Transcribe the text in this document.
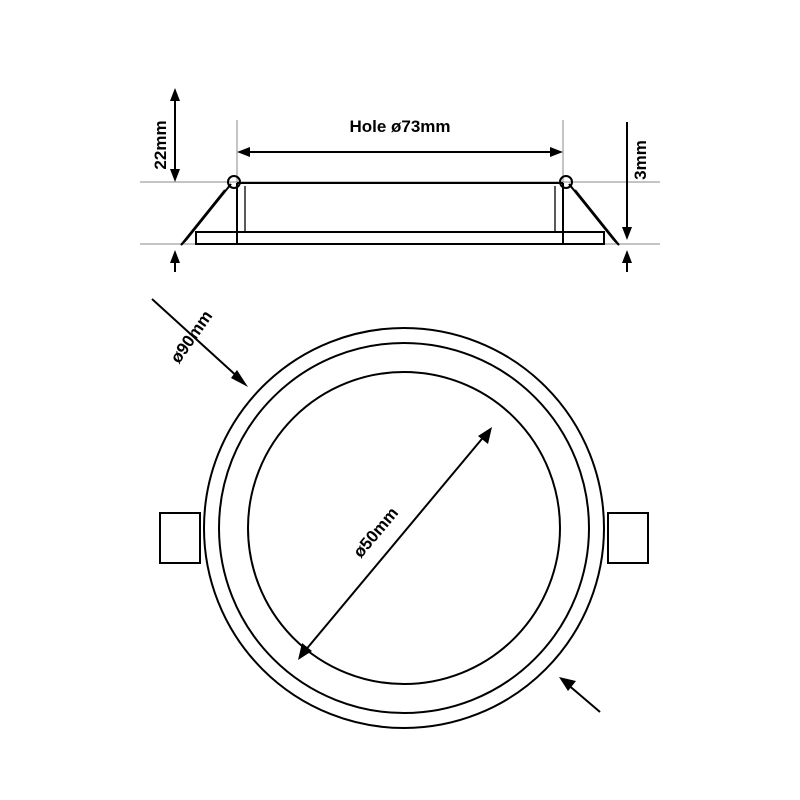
Hole ø73mm
22mm	3mm
ø90mm
ø50mm
